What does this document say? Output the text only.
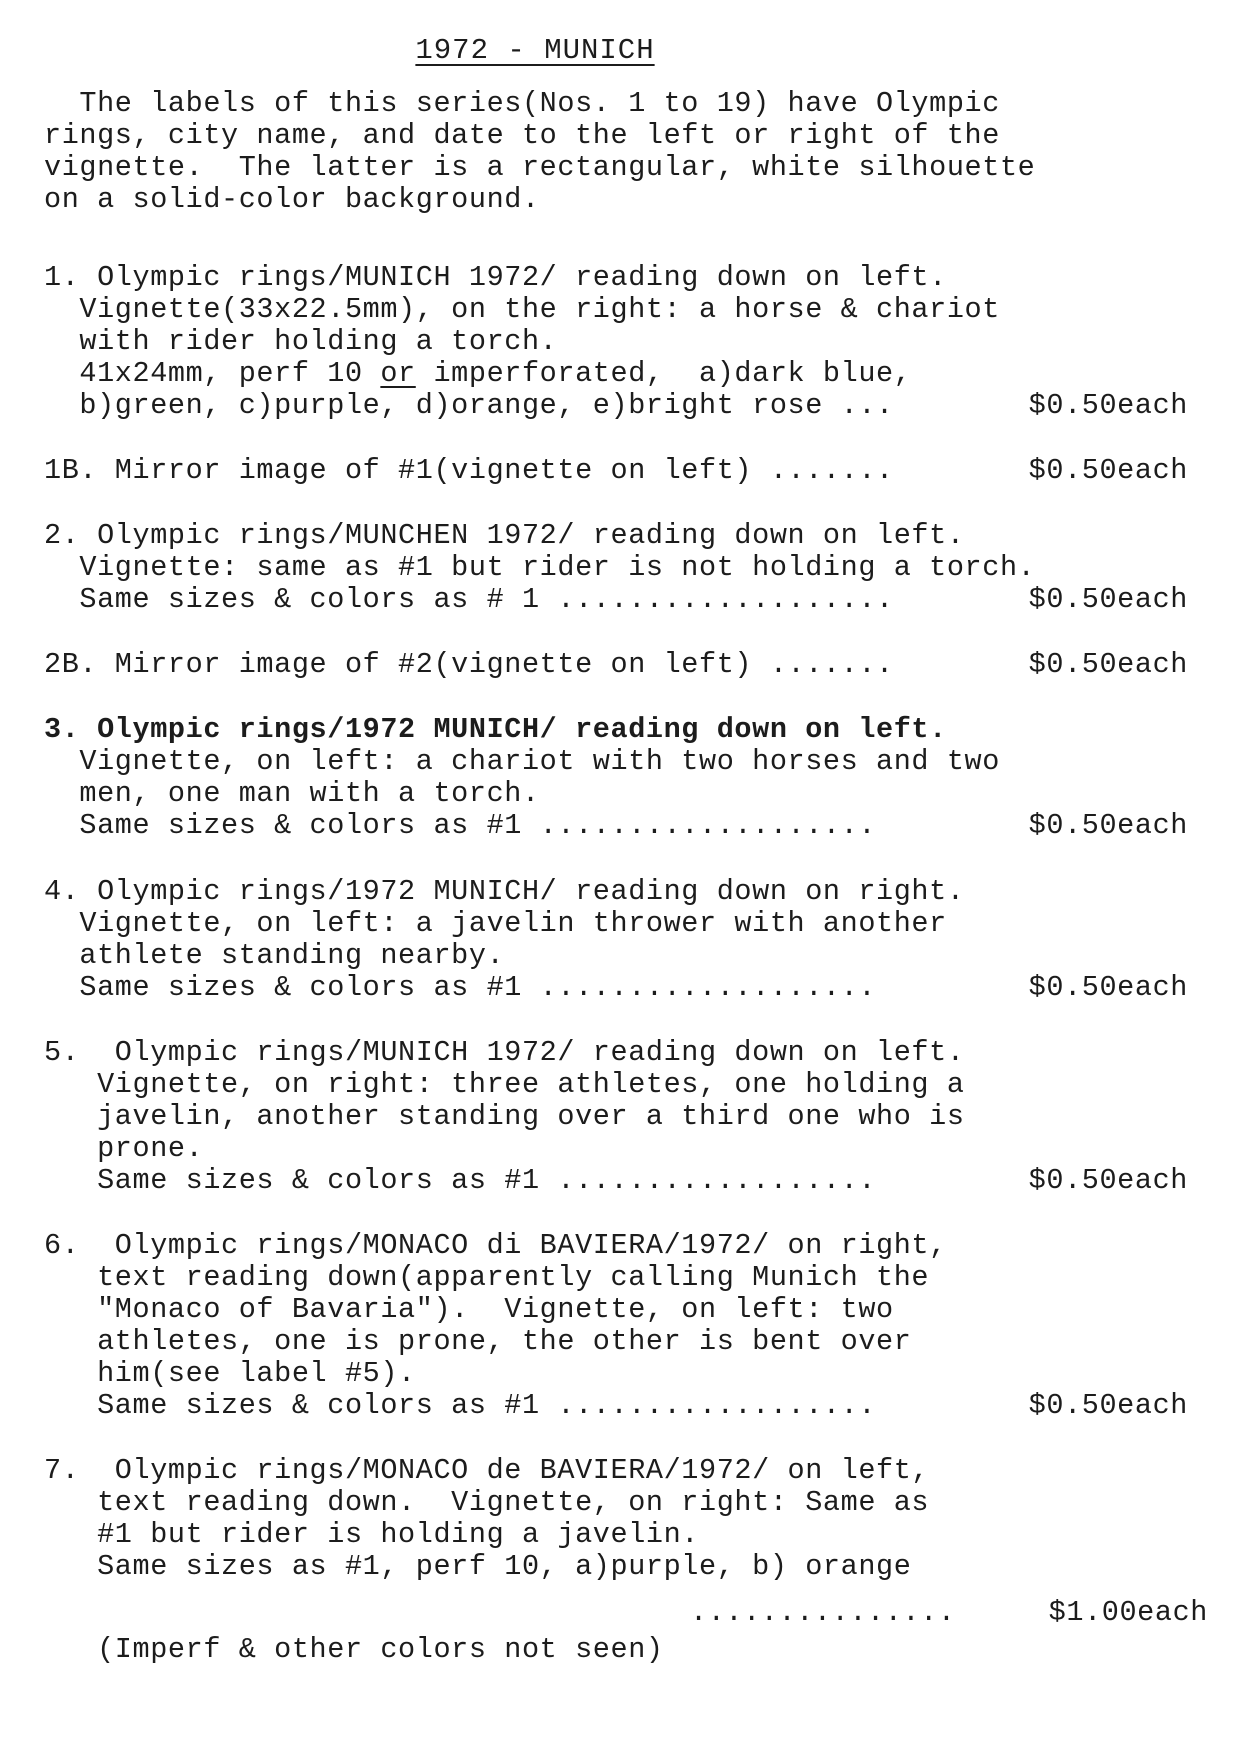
1972 - MUNICH
The labels of this series(Nos. 1 to 19) have Olympic
rings, city name, and date to the left or right of the
vignette.  The latter is a rectangular, white silhouette
on a solid-color background.
1. Olympic rings/MUNICH 1972/ reading down on left.
Vignette(33x22.5mm), on the right: a horse & chariot
with rider holding a torch.
41x24mm, perf 10 or imperforated,  a)dark blue,
b)green, c)purple, d)orange, e)bright rose ...	$0.50each
1B. Mirror image of #1(vignette on left) .......	$0.50each
2. Olympic rings/MUNCHEN 1972/ reading down on left.
Vignette: same as #1 but rider is not holding a torch.
Same sizes & colors as # 1 ...................	$0.50each
2B. Mirror image of #2(vignette on left) .......	$0.50each
3. Olympic rings/1972 MUNICH/ reading down on left.
Vignette, on left: a chariot with two horses and two
men, one man with a torch.
Same sizes & colors as #1 ...................	$0.50each
4. Olympic rings/1972 MUNICH/ reading down on right.
Vignette, on left: a javelin thrower with another
athlete standing nearby.
Same sizes & colors as #1 ...................	$0.50each
5.  Olympic rings/MUNICH 1972/ reading down on left.
Vignette, on right: three athletes, one holding a
javelin, another standing over a third one who is
prone.
Same sizes & colors as #1 ..................	$0.50each
6.  Olympic rings/MONACO di BAVIERA/1972/ on right,
text reading down(apparently calling Munich the
"Monaco of Bavaria").  Vignette, on left: two
athletes, one is prone, the other is bent over
him(see label #5).
Same sizes & colors as #1 ..................	$0.50each
7.  Olympic rings/MONACO de BAVIERA/1972/ on left,
text reading down.  Vignette, on right: Same as
#1 but rider is holding a javelin.
Same sizes as #1, perf 10, a)purple, b) orange
...............	$1.00each
(Imperf & other colors not seen)
